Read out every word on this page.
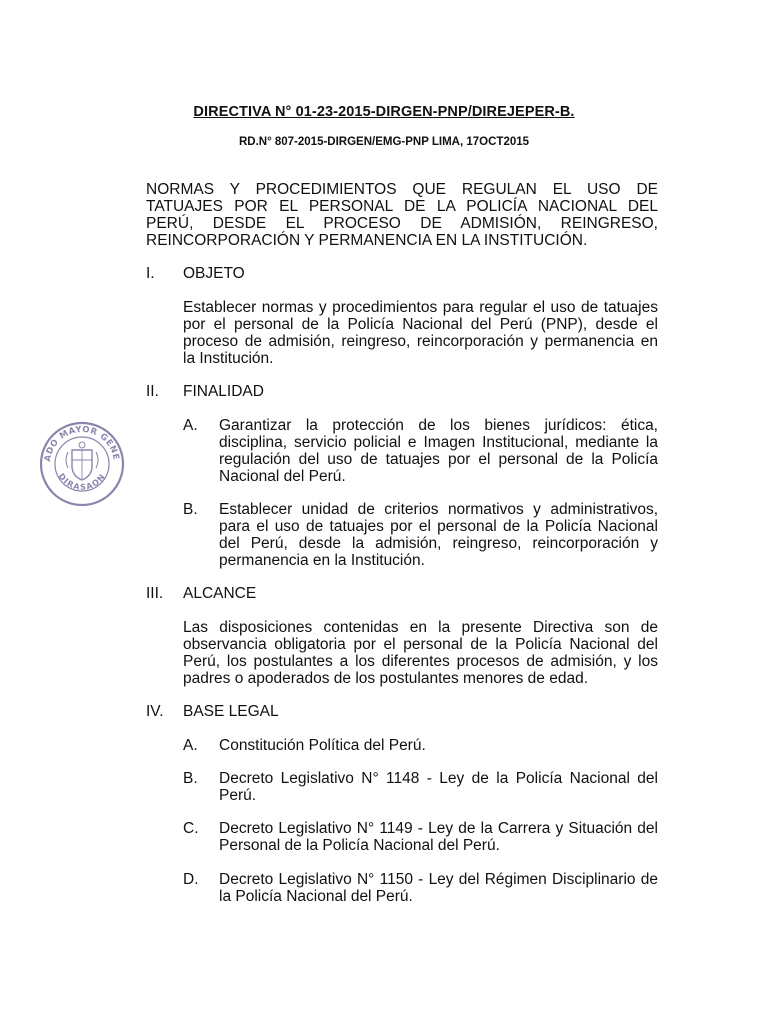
DIRECTIVA N° 01-23-2015-DIRGEN-PNP/DIREJEPER-B.
RD.N° 807-2015-DIRGEN/EMG-PNP LIMA, 17OCT2015

NORMAS Y PROCEDIMIENTOS QUE REGULAN EL USO DE

TATUAJES POR EL PERSONAL DE LA POLICÍA NACIONAL DEL

PERÚ, DESDE EL PROCESO DE ADMISIÓN, REINGRESO,

REINCORPORACIÓN Y PERMANENCIA EN LA INSTITUCIÓN.

I. OBJETO
Establecer normas y procedimientos para regular el uso de tatuajes por el personal de la Policía Nacional del Perú (PNP), desde el proceso de admisión, reingreso, reincorporación y permanencia en la Institución.
II. FINALIDAD
A. Garantizar la protección de los bienes jurídicos: ética, disciplina, servicio policial e Imagen Institucional, mediante la regulación del uso de tatuajes por el personal de la Policía Nacional del Perú.
B. Establecer unidad de criterios normativos y administrativos, para el uso de tatuajes por el personal de la Policía Nacional del Perú, desde la admisión, reingreso, reincorporación y permanencia en la Institución.
III. ALCANCE
Las disposiciones contenidas en la presente Directiva son de observancia obligatoria por el personal de la Policía Nacional del Perú, los postulantes a los diferentes procesos de admisión, y los padres o apoderados de los postulantes menores de edad.
IV. BASE LEGAL
A. Constitución Política del Perú.
B. Decreto Legislativo N° 1148 - Ley de la Policía Nacional del Perú.
C. Decreto Legislativo N° 1149 - Ley de la Carrera y Situación del Personal de la Policía Nacional del Perú.
D. Decreto Legislativo N° 1150 - Ley del Régimen Disciplinario de la Policía Nacional del Perú.
ADO MAYOR GENE
DIRASAON
